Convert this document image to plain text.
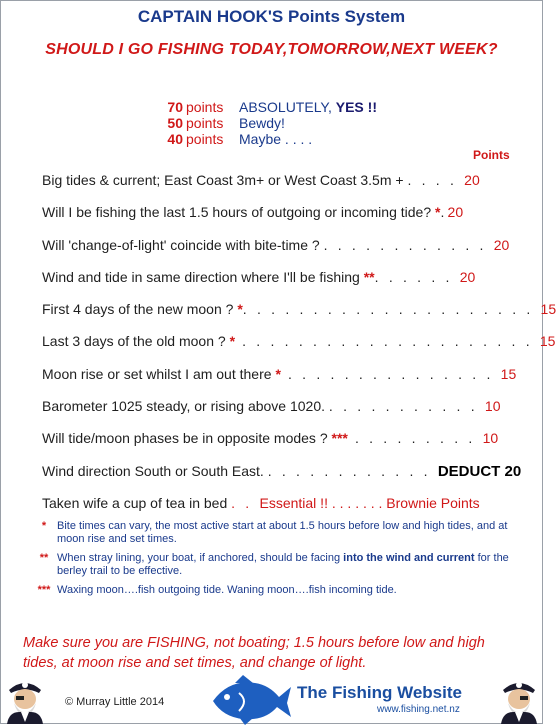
CAPTAIN HOOK'S Points System
SHOULD I GO FISHING TODAY,TOMORROW,NEXT WEEK?
70 points	ABSOLUTELY, YES !!
50 points	Bewdy!
40 points	Maybe . . . .
Points
Big tides & current; East Coast 3m+ or West Coast 3.5m + . . . . 20
Will I be fishing the last 1.5 hours of outgoing or incoming tide? *.20
Will 'change-of-light' coincide with bite-time ? . . . . . . . . . . . . 20
Wind and tide in same direction where I'll be fishing **. . . . . . 20
First 4 days of the new moon ? *. . . . . . . . . . . . . . . . . . . . . 15
Last 3 days of the old moon ? * . . . . . . . . . . . . . . . . . . . . . 15
Moon rise or set whilst I am out there * . . . . . . . . . . . . . . . 15
Barometer 1025 steady, or rising above 1020. . . . . . . . . . . . 10
Will tide/moon phases be in opposite modes ? *** . . . . . . . . . 10
Wind direction South or South East. . . . . . . . . . . . . DEDUCT 20
Taken wife a cup of tea in bed . . Essential !! . . . . . . . Brownie Points
* Bite times can vary, the most active start at about 1.5 hours before low and high tides, and at moon rise and set times.
** When stray lining, your boat, if anchored, should be facing into the wind and current for the berley trail to be effective.
*** Waxing moon….fish outgoing tide. Waning moon….fish incoming tide.
Make sure you are FISHING, not boating; 1.5 hours before low and high tides, at moon rise and set times, and change of light.
© Murray Little 2014	The Fishing Website
www.fishing.net.nz
